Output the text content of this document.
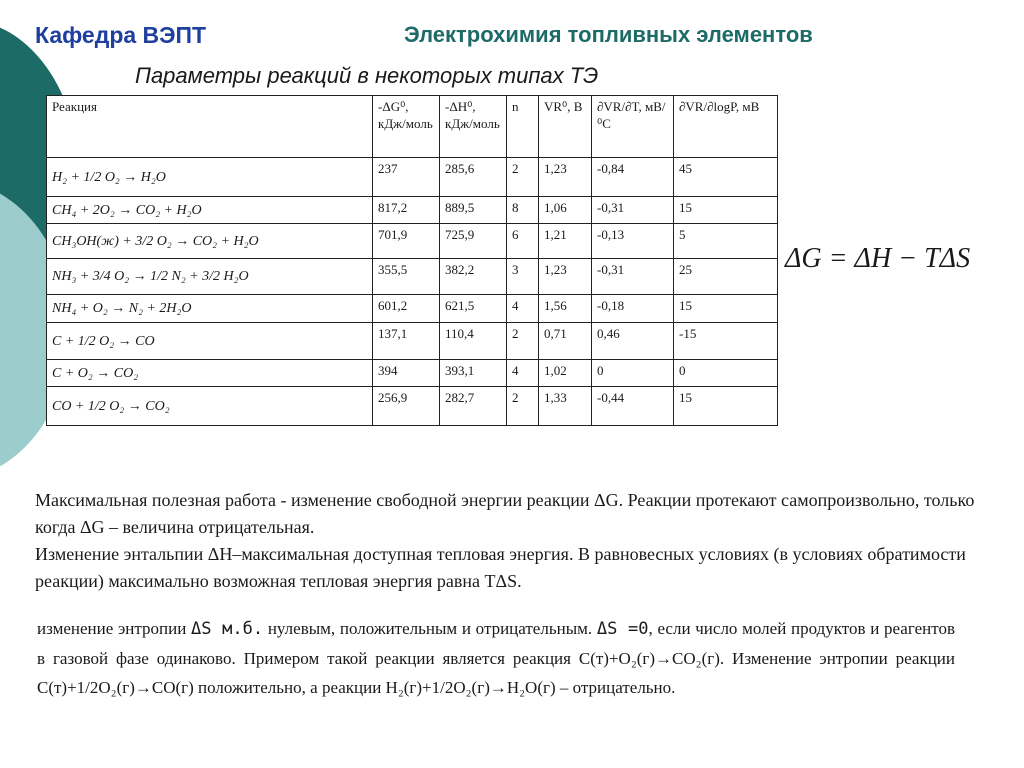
Кафедра ВЭПТ	Электрохимия топливных элементов
Параметры реакций в некоторых типах ТЭ
Реакция	-ΔG⁰, кДж/моль	-ΔH⁰, кДж/моль	n	VR⁰, В	∂VR/∂T, мВ/⁰С	∂VR/∂logP, мВ
H₂ + 1/2 O₂ → H₂O	237	285,6	2	1,23	-0,84	45
CH₄ + 2O₂ → CO₂ + H₂O	817,2	889,5	8	1,06	-0,31	15
CH₃OH(ж) + 3/2 O₂ → CO₂ + H₂O	701,9	725,9	6	1,21	-0,13	5
NH₃ + 3/4 O₂ → 1/2 N₂ + 3/2 H₂O	355,5	382,2	3	1,23	-0,31	25
NH₄ + O₂ → N₂ + 2H₂O	601,2	621,5	4	1,56	-0,18	15
C + 1/2 O₂ → CO	137,1	110,4	2	0,71	0,46	-15
C + O₂ → CO₂	394	393,1	4	1,02	0	0
CO + 1/2 O₂ → CO₂	256,9	282,7	2	1,33	-0,44	15
ΔG = ΔH − TΔS

Максимальная полезная работа - изменение свободной энергии реакции ΔG. Реакции протекают самопроизвольно, только когда ΔG – величина отрицательная.

Изменение энтальпии ΔH–максимальная доступная тепловая энергия. В равновесных условиях (в условиях обратимости реакции) максимально возможная тепловая энергия равна TΔS.

изменение энтропии ΔS м.б. нулевым, положительным и отрицательным. ΔS =0, если число молей продуктов и реагентов в газовой фазе одинаково. Примером такой реакции является реакция C(т)+O₂(г)→CO₂(г). Изменение энтропии реакции C(т)+1/2O₂(г)→CO(г) положительно, а реакции H₂(г)+1/2O₂(г)→H₂O(г) – отрицательно.
